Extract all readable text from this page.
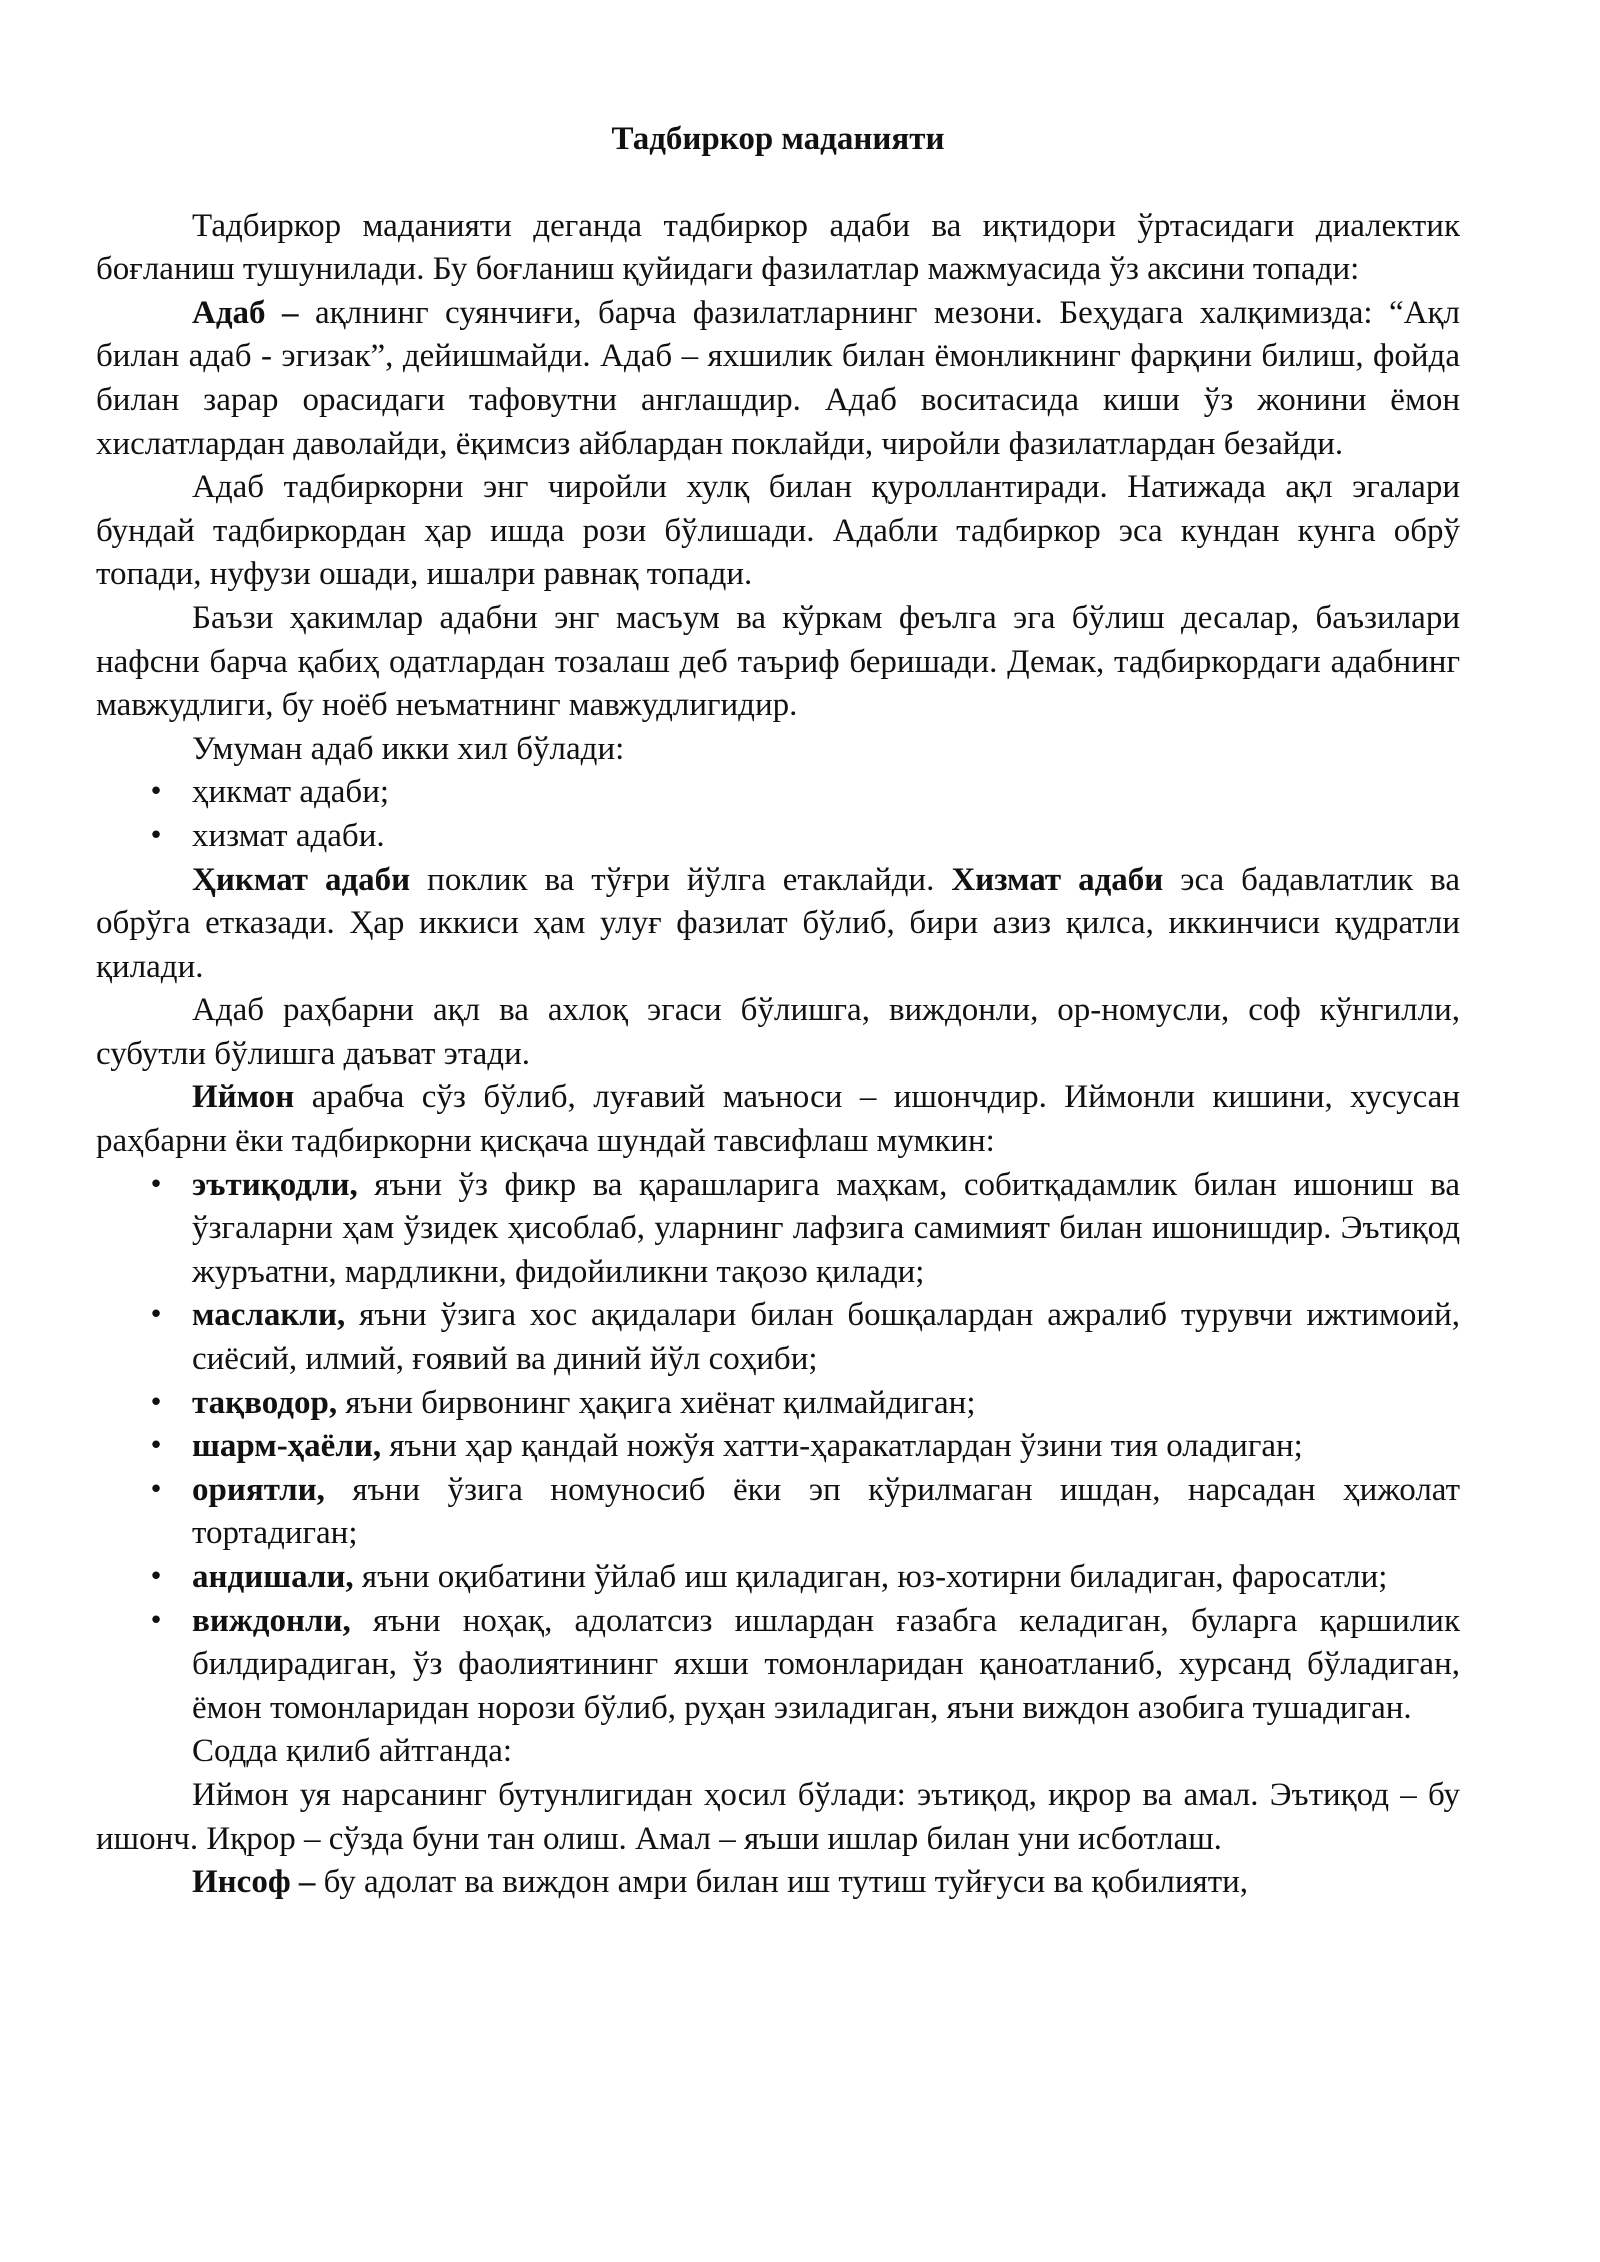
Тадбиркор маданияти

Тадбиркор маданияти деганда тадбиркор адаби ва иқтидори ўртасидаги диалектик боғланиш тушунилади. Бу боғланиш қуйидаги фазилатлар мажмуасида ўз аксини топади:

Адаб – ақлнинг суянчиғи, барча фазилатларнинг мезони. Беҳудага халқимизда: “Ақл билан адаб - эгизак”, дейишмайди. Адаб – яхшилик билан ёмонликнинг фарқини билиш, фойда билан зарар орасидаги тафовутни англашдир. Адаб воситасида киши ўз жонини ёмон хислатлардан даволайди, ёқимсиз айблардан поклайди, чиройли фазилатлардан безайди.

Адаб тадбиркорни энг чиройли хулқ билан қуроллантиради. Натижада ақл эгалари бундай тадбиркордан ҳар ишда рози бўлишади. Адабли тадбиркор эса кундан кунга обрў топади, нуфузи ошади, ишалри равнақ топади.

Баъзи ҳакимлар адабни энг масъум ва кўркам феълга эга бўлиш десалар, баъзилари нафсни барча қабиҳ одатлардан тозалаш деб таъриф беришади. Демак, тадбиркордаги адабнинг мавжудлиги, бу ноёб неъматнинг мавжудлигидир.

Умуман адаб икки хил бўлади:

• ҳикмат адаби;
• хизмат адаби.

Ҳикмат адаби поклик ва тўғри йўлга етаклайди. Хизмат адаби эса бадавлатлик ва обрўга етказади. Ҳар иккиси ҳам улуғ фазилат бўлиб, бири азиз қилса, иккинчиси қудратли қилади.

Адаб раҳбарни ақл ва ахлоқ эгаси бўлишга, виждонли, ор-номусли, соф кўнгилли, субутли бўлишга даъват этади.

Иймон арабча сўз бўлиб, луғавий маъноси – ишончдир. Иймонли кишини, хусусан раҳбарни ёки тадбиркорни қисқача шундай тавсифлаш мумкин:

• эътиқодли, яъни ўз фикр ва қарашларига маҳкам, собитқадамлик билан ишониш ва ўзгаларни ҳам ўзидек ҳисоблаб, уларнинг лафзига самимият билан ишонишдир. Эътиқод журъатни, мардликни, фидойиликни тақозо қилади;
• маслакли, яъни ўзига хос ақидалари билан бошқалардан ажралиб турувчи ижтимоий, сиёсий, илмий, ғоявий ва диний йўл соҳиби;
• тақводор, яъни бирвонинг ҳақига хиёнат қилмайдиган;
• шарм-ҳаёли, яъни ҳар қандай ножўя хатти-ҳаракатлардан ўзини тия оладиган;
• ориятли, яъни ўзига номуносиб ёки эп кўрилмаган ишдан, нарсадан ҳижолат тортадиган;
• андишали, яъни оқибатини ўйлаб иш қиладиган, юз-хотирни биладиган, фаросатли;
• виждонли, яъни ноҳақ, адолатсиз ишлардан ғазабга келадиган, буларга қаршилик билдирадиган, ўз фаолиятининг яхши томонларидан қаноатланиб, хурсанд бўладиган, ёмон томонларидан норози бўлиб, руҳан эзиладиган, яъни виждон азобига тушадиган.

Содда қилиб айтганда:

Иймон уя нарсанинг бутунлигидан ҳосил бўлади: эътиқод, иқрор ва амал. Эътиқод – бу ишонч. Иқрор – сўзда буни тан олиш. Амал – яъши ишлар билан уни исботлаш.

Инсоф – бу адолат ва виждон амри билан иш тутиш туйғуси ва қобилияти,
